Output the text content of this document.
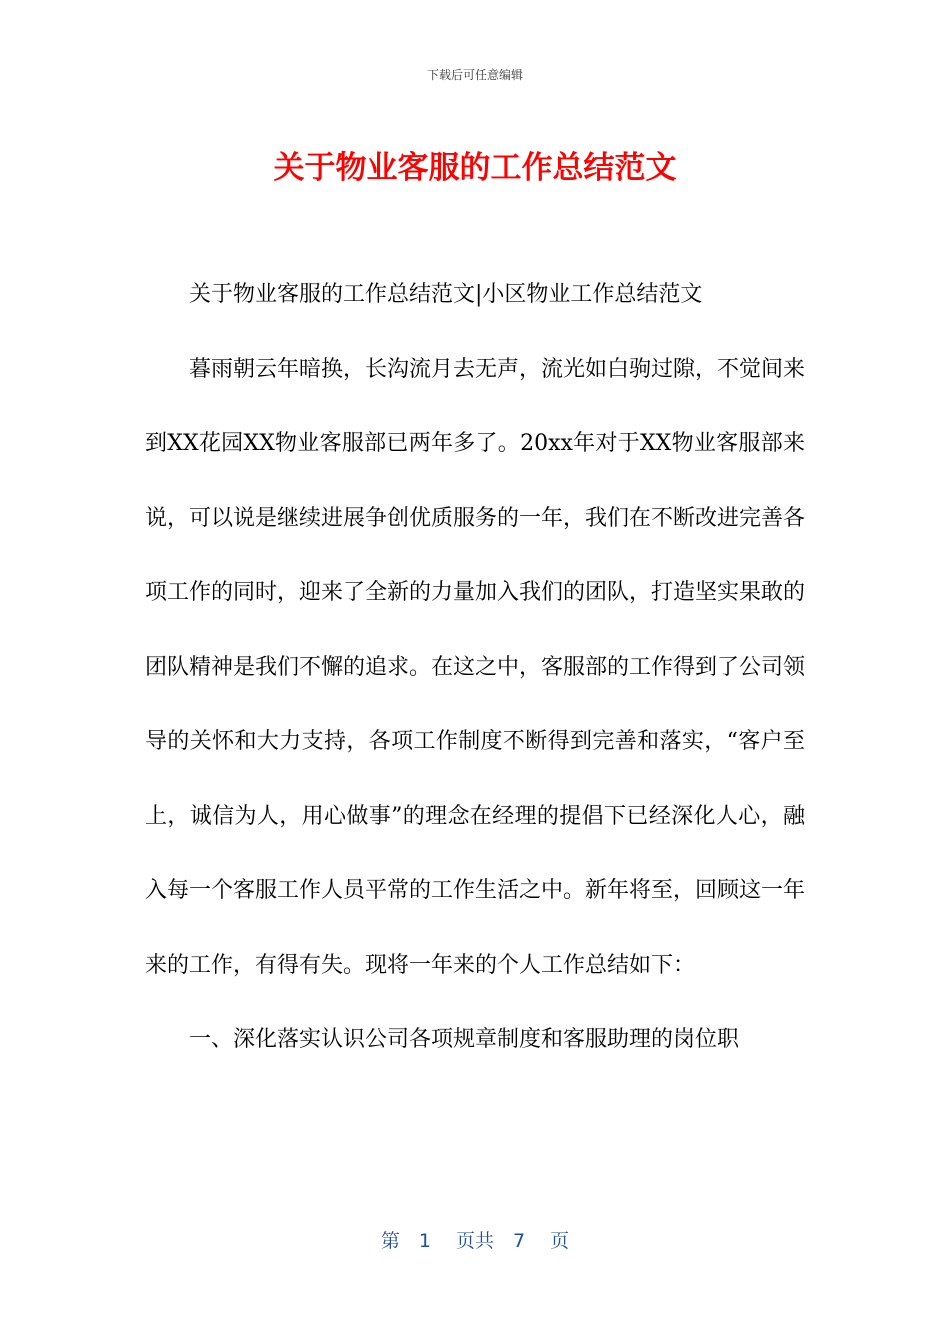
下载后可任意编辑
关于物业客服的工作总结范文

关于物业客服的工作总结范文|小区物业工作总结范文

暮雨朝云年暗换，长沟流月去无声，流光如白驹过隙，不觉间来到XX花园XX物业客服部已两年多了。20xx年对于XX物业客服部来说，可以说是继续进展争创优质服务的一年，我们在不断改进完善各项工作的同时，迎来了全新的力量加入我们的团队，打造坚实果敢的团队精神是我们不懈的追求。在这之中，客服部的工作得到了公司领导的关怀和大力支持，各项工作制度不断得到完善和落实，“客户至上，诚信为人，用心做事”的理念在经理的提倡下已经深化人心，融入每一个客服工作人员平常的工作生活之中。新年将至，回顾这一年来的工作，有得有失。现将一年来的个人工作总结如下：

一、深化落实认识公司各项规章制度和客服助理的岗位职

第　1　 页共　7　 页
